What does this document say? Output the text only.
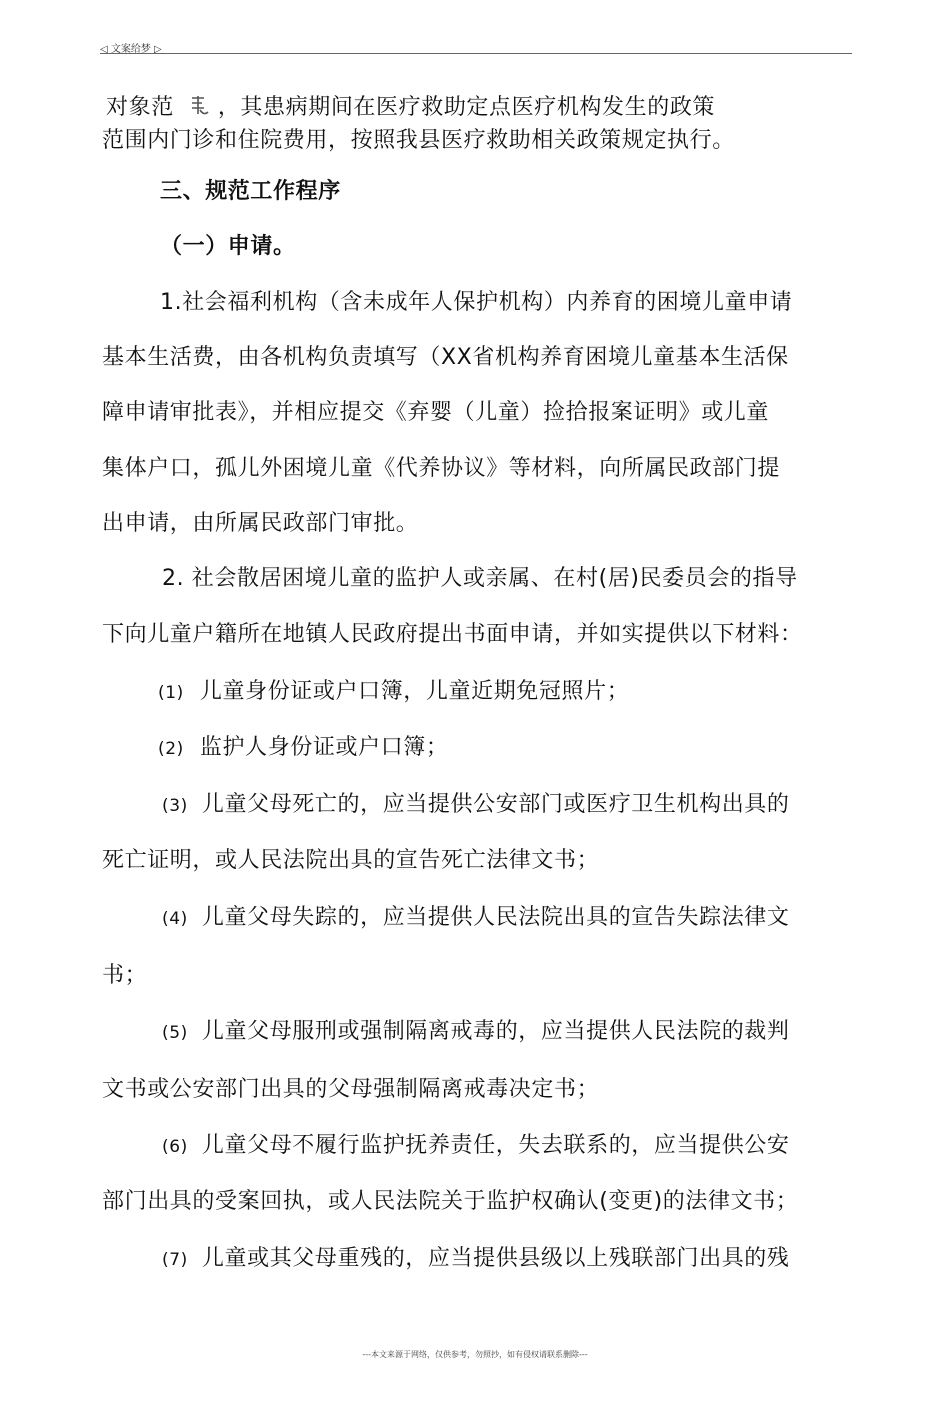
◁ 文案给梦 ▷
对象范 ，其患病期间在医疗救助定点医疗机构发生的政策
范围内门诊和住院费用，按照我县医疗救助相关政策规定执行。
三、规范工作程序
（一）申请。
1.社会福利机构（含未成年人保护机构）内养育的困境儿童申请
基本生活费，由各机构负责填写（XX省机构养育困境儿童基本生活保
障申请审批表》，并相应提交《弃婴（儿童）捡拾报案证明》或儿童
集体户口，孤儿外困境儿童《代养协议》等材料，向所属民政部门提
出申请，由所属民政部门审批。
2. 社会散居困境儿童的监护人或亲属、在村(居)民委员会的指导
下向儿童户籍所在地镇人民政府提出书面申请，并如实提供以下材料：
(1) 儿童身份证或户口簿，儿童近期免冠照片；
(2) 监护人身份证或户口簿；
(3) 儿童父母死亡的，应当提供公安部门或医疗卫生机构出具的
死亡证明，或人民法院出具的宣告死亡法律文书；
(4) 儿童父母失踪的，应当提供人民法院出具的宣告失踪法律文
书；
(5) 儿童父母服刑或强制隔离戒毒的，应当提供人民法院的裁判
文书或公安部门出具的父母强制隔离戒毒决定书；
(6) 儿童父母不履行监护抚养责任，失去联系的，应当提供公安
部门出具的受案回执，或人民法院关于监护权确认(变更)的法律文书；
(7) 儿童或其父母重残的，应当提供县级以上残联部门出具的残
---本文来源于网络，仅供参考，勿照抄，如有侵权请联系删除---
